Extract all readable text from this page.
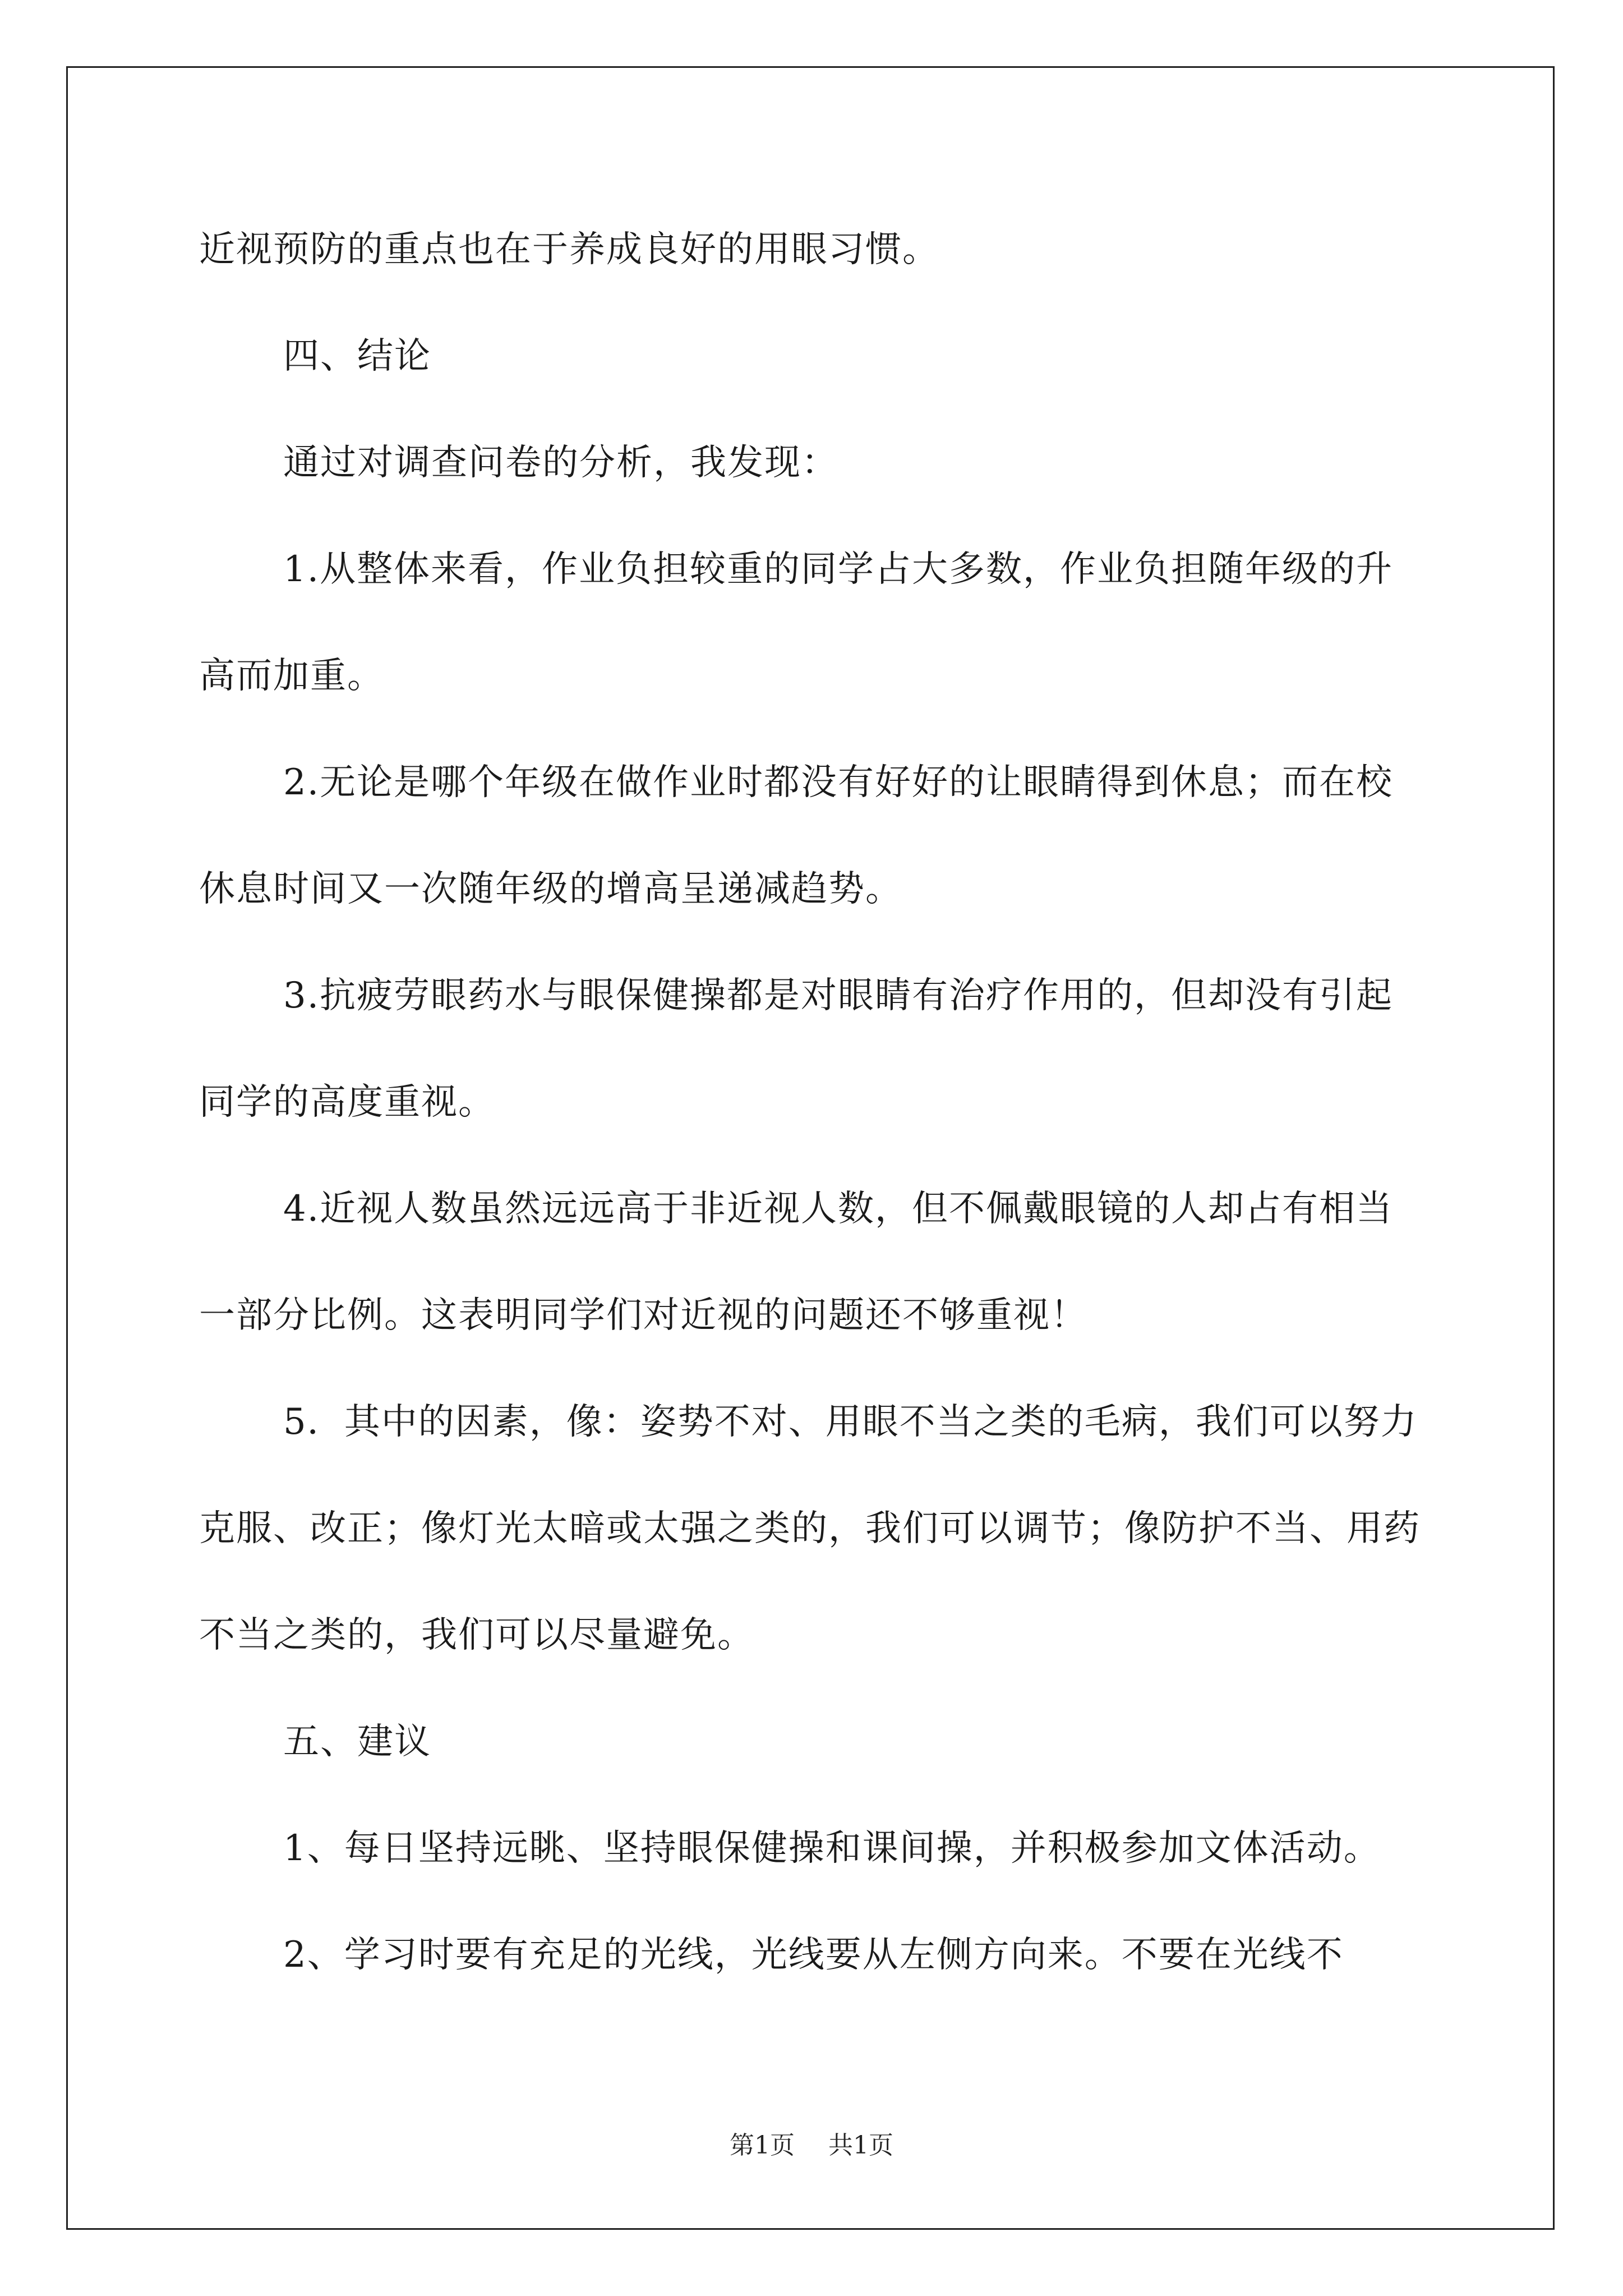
近视预防的重点也在于养成良好的用眼习惯。

四、结论

通过对调查问卷的分析，我发现：

1.从整体来看，作业负担较重的同学占大多数，作业负担随年级的升高而加重。

2.无论是哪个年级在做作业时都没有好好的让眼睛得到休息；而在校休息时间又一次随年级的增高呈递减趋势。

3.抗疲劳眼药水与眼保健操都是对眼睛有治疗作用的，但却没有引起同学的高度重视。

4.近视人数虽然远远高于非近视人数，但不佩戴眼镜的人却占有相当一部分比例。这表明同学们对近视的问题还不够重视！

5．其中的因素，像：姿势不对、用眼不当之类的毛病，我们可以努力克服、改正；像灯光太暗或太强之类的，我们可以调节；像防护不当、用药不当之类的，我们可以尽量避免。

五、建议

1、每日坚持远眺、坚持眼保健操和课间操，并积极参加文体活动。

2、学习时要有充足的光线，光线要从左侧方向来。不要在光线不

第1页 共1页
